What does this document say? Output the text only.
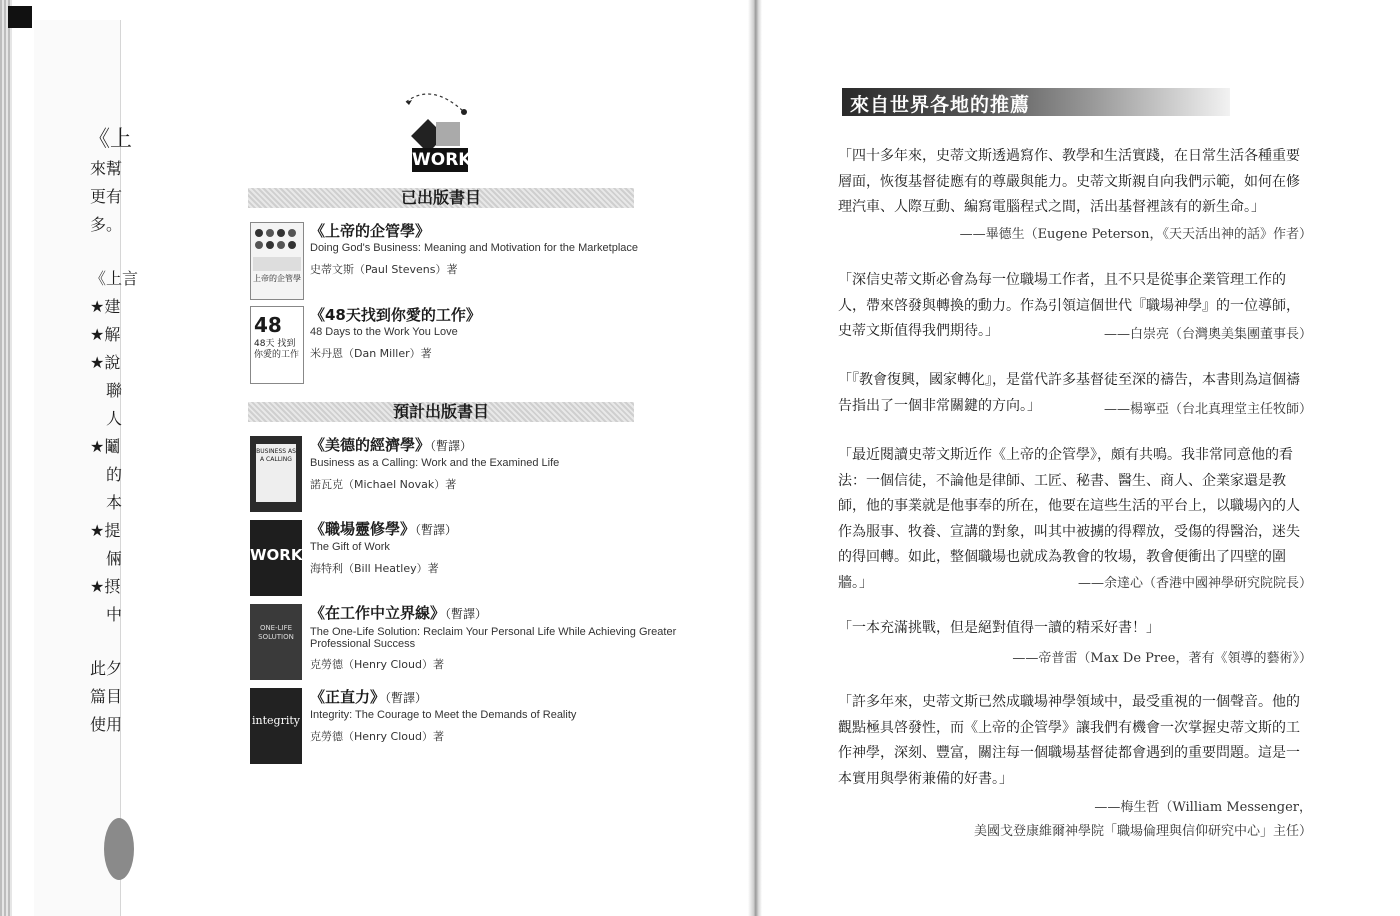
《上
來幫
更有
多。
《上言
★建
★解
★說
聯
人
★鬮
的
本
★提
倆
★摂
中
此夕
篇目
使用
WORK
已出版書目
上帝的企管學
《上帝的企管學》
Doing God's Business: Meaning and Motivation for the Marketplace
史蒂文斯（Paul Stevens）著
48
48天 找到你愛的工作
《48天找到你愛的工作》
48 Days to the Work You Love
米丹恩（Dan Miller）著
預計出版書目
BUSINESS AS A CALLING
《美德的經濟學》（暫譯）
Business as a Calling: Work and the Examined Life
諾瓦克（Michael Novak）著
WORK
《職場靈修學》（暫譯）
The Gift of Work
海特利（Bill Heatley）著
ONE-LIFE SOLUTION
《在工作中立界線》（暫譯）
The One-Life Solution: Reclaim Your Personal Life While Achieving Greater Professional Success
克勞德（Henry Cloud）著
integrity
《正直力》（暫譯）
Integrity: The Courage to Meet the Demands of Reality
克勞德（Henry Cloud）著
來自世界各地的推薦
「四十多年來，史蒂文斯透過寫作、教學和生活實踐，在日常生活各種重要層面，恢復基督徒應有的尊嚴與能力。史蒂文斯親自向我們示範，如何在修理汽車、人際互動、編寫電腦程式之間，活出基督裡該有的新生命。」
——畢德生（Eugene Peterson，《天天活出神的話》作者）
「深信史蒂文斯必會為每一位職場工作者，且不只是從事企業管理工作的人，帶來啓發與轉換的動力。作為引領這個世代『職場神學』的一位導師，史蒂文斯值得我們期待。」	——白崇亮（台灣奧美集團董事長）
「『教會復興，國家轉化』，是當代許多基督徒至深的禱告，本書則為這個禱告指出了一個非常關鍵的方向。」	——楊寧亞（台北真理堂主任牧師）
「最近閱讀史蒂文斯近作《上帝的企管學》，頗有共鳴。我非常同意他的看法：一個信徒，不論他是律師、工匠、秘書、醫生、商人、企業家還是教師，他的事業就是他事奉的所在，他要在這些生活的平台上，以職場內的人作為服事、牧養、宣講的對象，叫其中被擄的得釋放，受傷的得醫治，迷失的得回轉。如此，整個職場也就成為教會的牧場，教會便衝出了四壁的圍牆。」	——余達心（香港中國神學研究院院長）
「一本充滿挑戰，但是絕對值得一讀的精采好書！」
——帝普雷（Max De Pree，著有《領導的藝術》）
「許多年來，史蒂文斯已然成職場神學領域中，最受重視的一個聲音。他的觀點極具啓發性，而《上帝的企管學》讓我們有機會一次掌握史蒂文斯的工作神學，深刻、豐富，關注每一個職場基督徒都會遇到的重要問題。這是一本實用與學術兼備的好書。」
——梅生哲（William Messenger，
美國戈登康維爾神學院「職場倫理與信仰研究中心」主任）
